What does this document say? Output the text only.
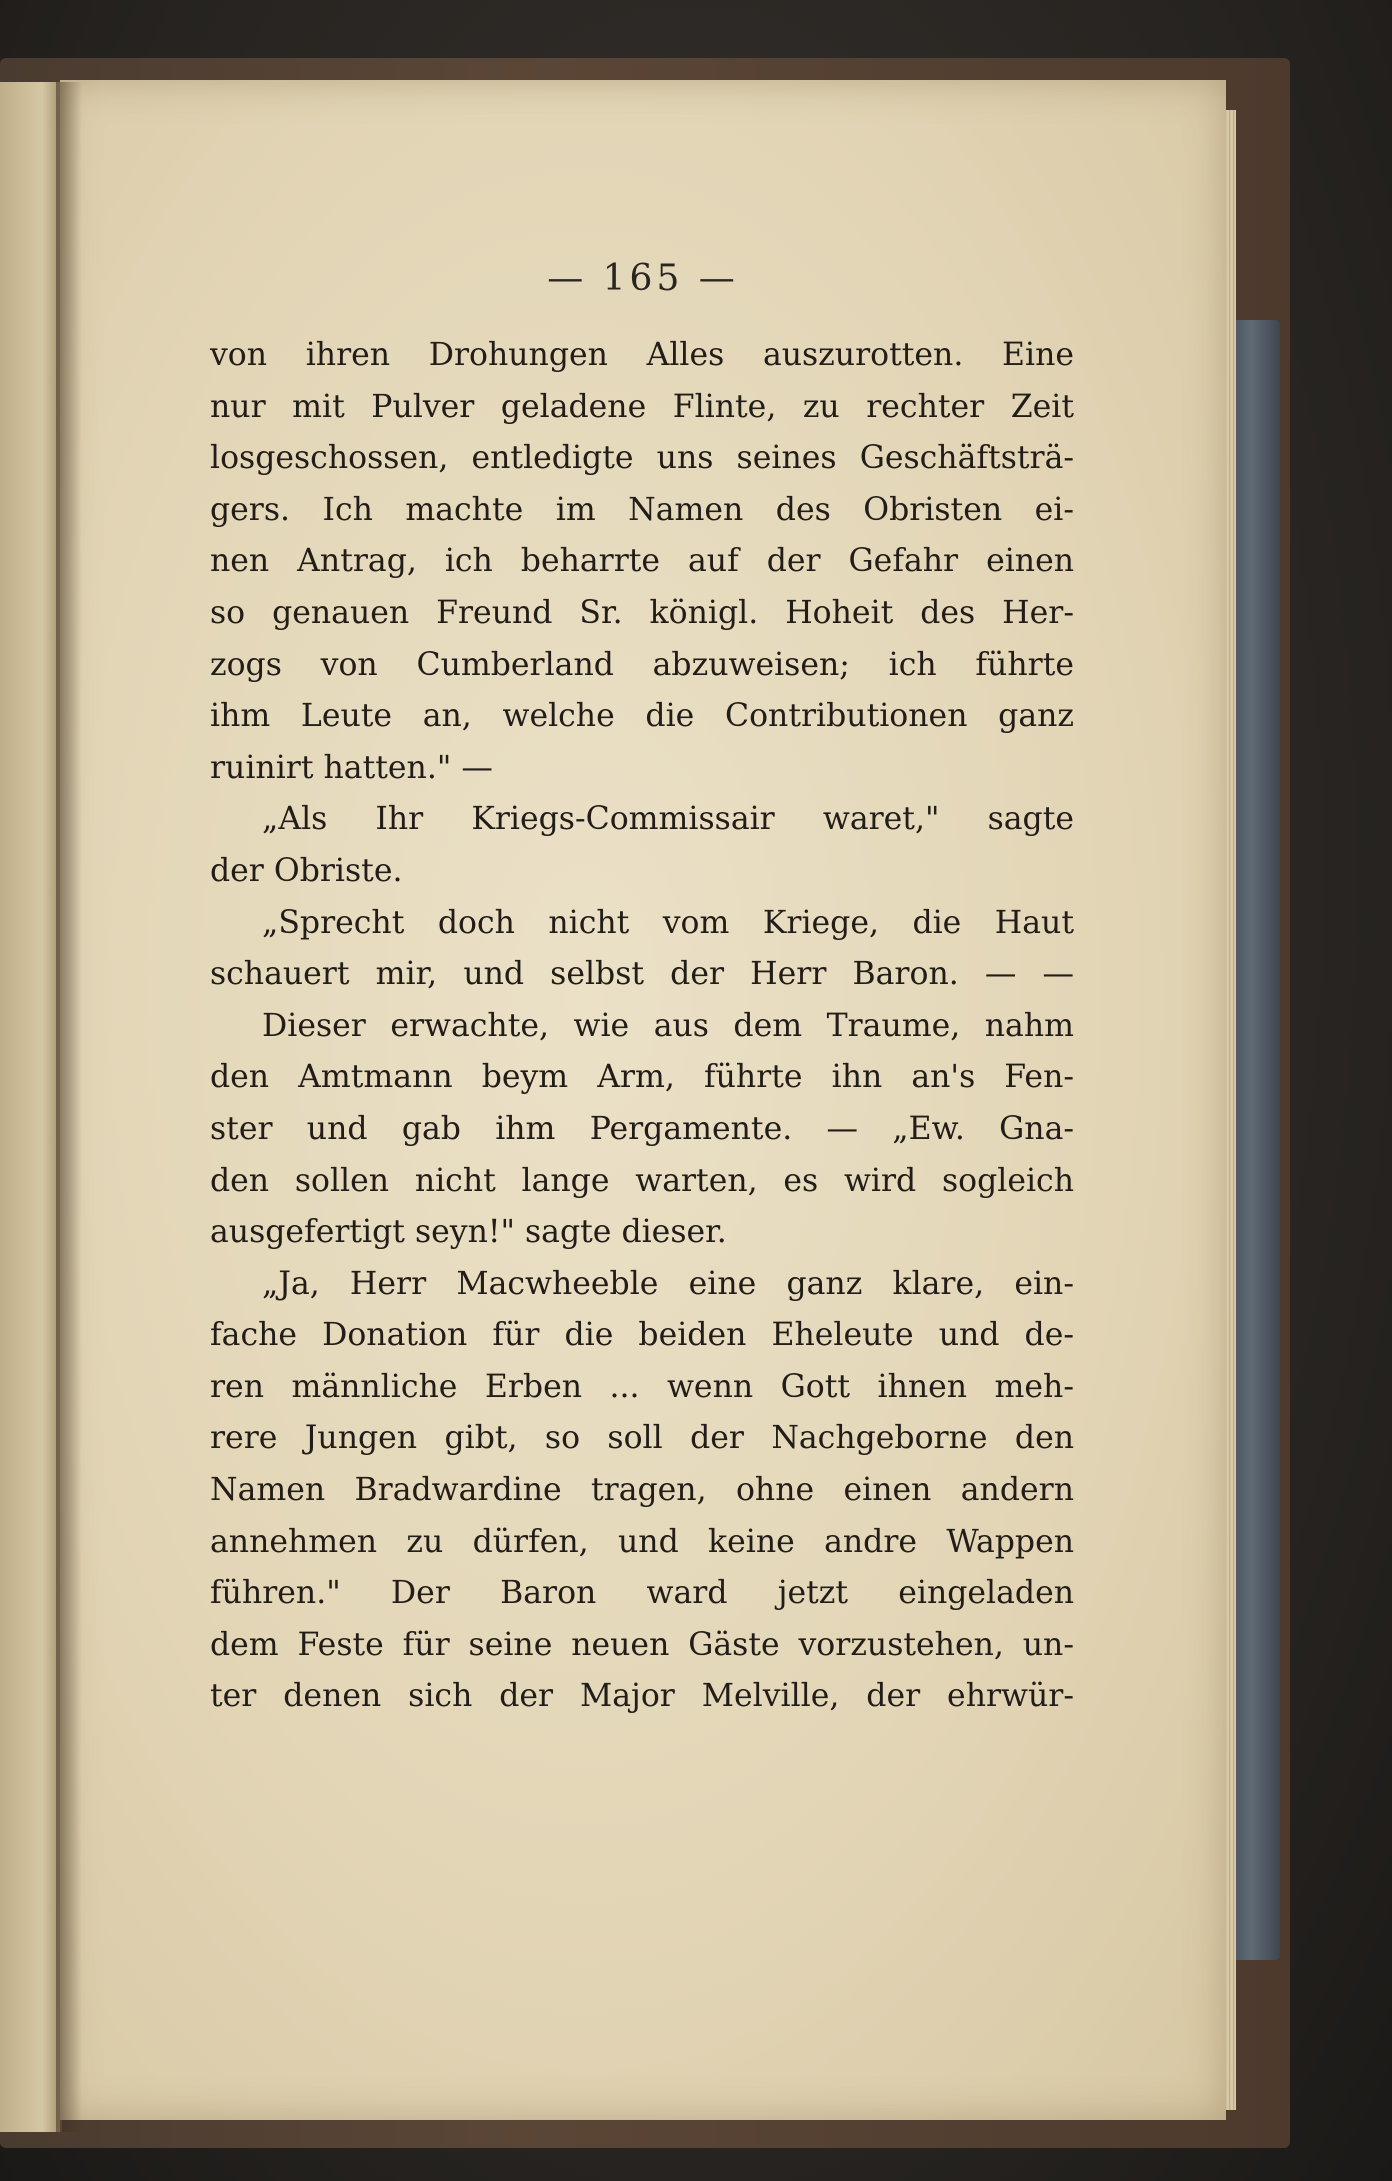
— 165 —
von ihren Drohungen Alles auszurotten. Eine
nur mit Pulver geladene Flinte, zu rechter Zeit
losgeschossen, entledigte uns seines Geschäftsträ-
gers. Ich machte im Namen des Obristen ei-
nen Antrag, ich beharrte auf der Gefahr einen
so genauen Freund Sr. königl. Hoheit des Her-
zogs von Cumberland abzuweisen; ich führte
ihm Leute an, welche die Contributionen ganz
ruinirt hatten." —
„Als Ihr Kriegs-Commissair waret," sagte
der Obriste.
„Sprecht doch nicht vom Kriege, die Haut
schauert mir, und selbst der Herr Baron. — —
Dieser erwachte, wie aus dem Traume, nahm
den Amtmann beym Arm, führte ihn an's Fen-
ster und gab ihm Pergamente. — „Ew. Gna-
den sollen nicht lange warten, es wird sogleich
ausgefertigt seyn!" sagte dieser.
„Ja, Herr Macwheeble eine ganz klare, ein-
fache Donation für die beiden Eheleute und de-
ren männliche Erben ... wenn Gott ihnen meh-
rere Jungen gibt, so soll der Nachgeborne den
Namen Bradwardine tragen, ohne einen andern
annehmen zu dürfen, und keine andre Wappen
führen." Der Baron ward jetzt eingeladen
dem Feste für seine neuen Gäste vorzustehen, un-
ter denen sich der Major Melville, der ehrwür-
